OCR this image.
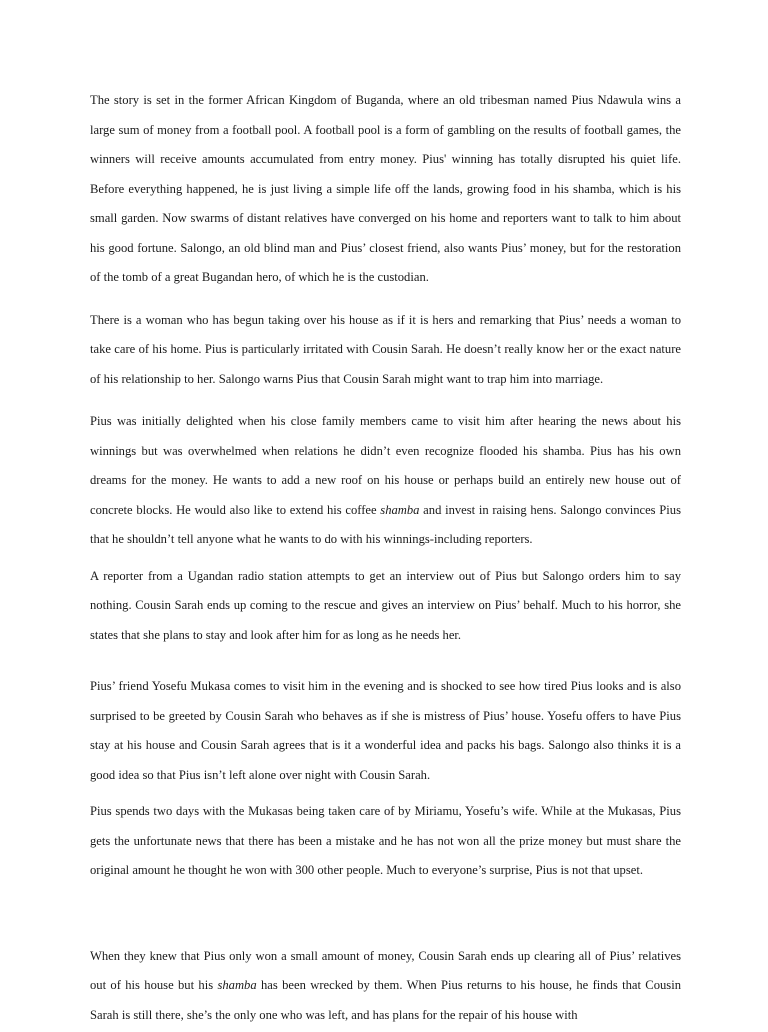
The story is set in the former African Kingdom of Buganda, where an old tribesman named Pius Ndawula wins a large sum of money from a football pool. A football pool is a form of gambling on the results of football games, the winners will receive amounts accumulated from entry money. Pius' winning has totally disrupted his quiet life. Before everything happened, he is just living a simple life off the lands, growing food in his shamba, which is his small garden. Now swarms of distant relatives have converged on his home and reporters want to talk to him about his good fortune. Salongo, an old blind man and Pius’ closest friend, also wants Pius’ money, but for the restoration of the tomb of a great Bugandan hero, of which he is the custodian.

There is a woman who has begun taking over his house as if it is hers and remarking that Pius’ needs a woman to take care of his home. Pius is particularly irritated with Cousin Sarah. He doesn’t really know her or the exact nature of his relationship to her. Salongo warns Pius that Cousin Sarah might want to trap him into marriage.

Pius was initially delighted when his close family members came to visit him after hearing the news about his winnings but was overwhelmed when relations he didn’t even recognize flooded his shamba. Pius has his own dreams for the money. He wants to add a new roof on his house or perhaps build an entirely new house out of concrete blocks. He would also like to extend his coffee shamba and invest in raising hens. Salongo convinces Pius that he shouldn’t tell anyone what he wants to do with his winnings-including reporters.

A reporter from a Ugandan radio station attempts to get an interview out of Pius but Salongo orders him to say nothing. Cousin Sarah ends up coming to the rescue and gives an interview on Pius’ behalf. Much to his horror, she states that she plans to stay and look after him for as long as he needs her.

Pius’ friend Yosefu Mukasa comes to visit him in the evening and is shocked to see how tired Pius looks and is also surprised to be greeted by Cousin Sarah who behaves as if she is mistress of Pius’ house. Yosefu offers to have Pius stay at his house and Cousin Sarah agrees that is it a wonderful idea and packs his bags. Salongo also thinks it is a good idea so that Pius isn’t left alone over night with Cousin Sarah.

Pius spends two days with the Mukasas being taken care of by Miriamu, Yosefu’s wife. While at the Mukasas, Pius gets the unfortunate news that there has been a mistake and he has not won all the prize money but must share the original amount he thought he won with 300 other people. Much to everyone’s surprise, Pius is not that upset.

When they knew that Pius only won a small amount of money, Cousin Sarah ends up clearing all of Pius’ relatives out of his house but his shamba has been wrecked by them. When Pius returns to his house, he finds that Cousin Sarah is still there, she’s the only one who was left, and has plans for the repair of his house with
